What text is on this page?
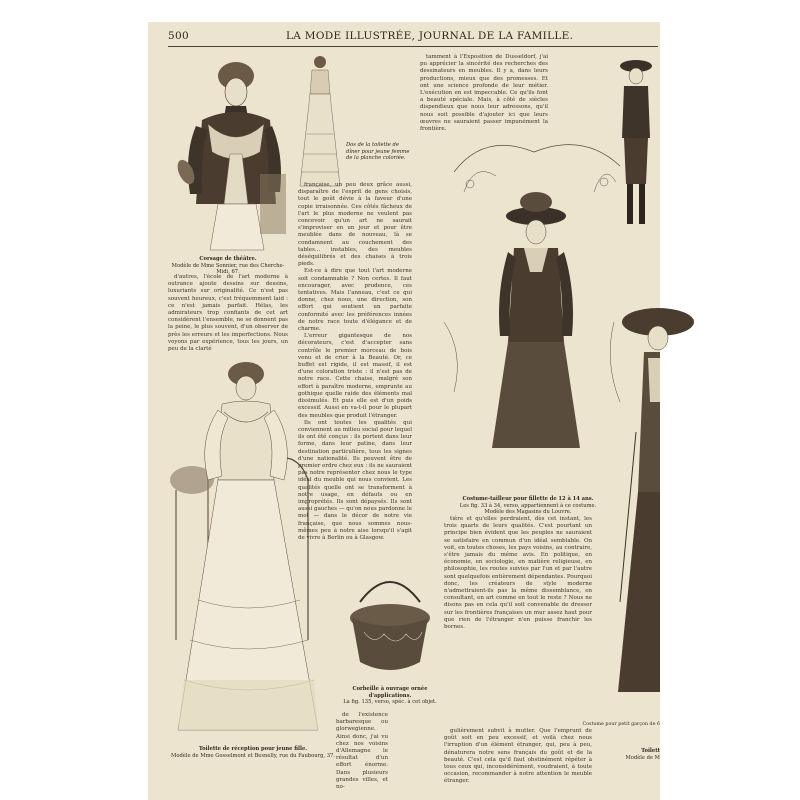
500	LA MODE ILLUSTRÉE, JOURNAL DE LA FAMILLE.
Corsage de théâtre.
Modèle de Mme Sonnier, rue des Cherche-Midi, 67.

d'autres, l'école de l'art moderne à outrance ajoute dessins sur dessins, luxuriants sur originalité. Ce n'est pas souvent heureux, c'est fréquemment laid : ce n'est jamais parfait. Hélas, les admirateurs trop confiants de cet art considèrent l'ensemble, ne se donnent pas la peine, le plus souvent, d'un observer de près les erreurs et les imperfections. Nous voyons par expérience, tous les jours, un peu de la clarté

Dos de la toilette de dîner pour jeune femme de la planche coloriée.

française, un peu deux grâce aussi, disparaître de l'esprit de gens choisis, tout le goût dévie à la faveur d'une copie irraisonnée. Ces côtés fâcheux de l'art le plus moderne ne veulent pas concevoir qu'un art ne saurait s'improviser en un jour et pour être meublée dans de nouveau, là se condamnent au couchement des tables... instables, des meubles déséquilibrés et des chaises à trois pieds.

Est-ce à dire que tout l'art moderne soit condamnable ? Non certes. Il faut encourager, avec prudence, ces tentatives. Mais l'anneau, c'est ce qui donne, chez nous, une direction, son effort qui soutient un parfaite conformité avec les préférences innées de notre race toute d'élégance et de charme.

L'erreur gigantesque de nos décorateurs, c'est d'accepter sans contrôle le premier morceau de bois venu et de crier à la Beauté. Or, ce buffet est rigide, il est massif, il est d'une coloration triste : il n'est pas de notre race. Cette chaise, malgré son effort à paraître moderne, emprunte au gothique quelle raide des éléments mal dissimulés. Et puis elle est d'un poids excessif. Aussi en va-t-il pour le plupart des meubles que produit l'étranger.

Ils ont toutes les qualités qui conviennent au milieu social pour lequel ils ont été conçus : ils portent dans leur forme, dans leur patine, dans leur destination particulière, tous les signes d'une nationalité. Ils peuvent être de premier ordre chez eux : ils ne sauraient pas notre représenter chez nous le type idéal du meuble qui nous convient. Les qualités quelle ont se transforment à notre usage, en défauts ou en improprétés. Ils sont dépaysés. Ils sont aussi gauches — qu'on nous pardonne le mot — dans le décor de notre vie française, que nous sommes nous-mêmes peu à notre aise lorsqu'il s'agit de vivre à Berlin ou à Glasgow.

tamment à l'Exposition de Dusseldorf, j'ai pu apprécier la sincérité des recherches des dessinateurs en meubles. Il y a, dans leurs productions, mieux que des promesses. Et ont une science profonde de leur métier. L'exécution en est impeccable. Ce qu'ils font a beauté spéciale. Mais, à côté de siècles dispendieux que nous leur adressons, qu'il nous soit possible d'ajouter ici que leurs œuvres ne sauraient passer impunément la frontière.

Costume-tailleur pour fillette de 12 à 14 ans.
Les fig. 33 à 34, verso, appartiennent à ce costume.
Modèle des Magasins du Louvre.
Toilett
Modèle de M
Costume pour petit garçon de 6
Toilette de réception pour jeune fille.
Modèle de Mme Gosselmont et Besnelly, rue du Faubourg, 37.
Corbeille à ouvrage ornée d'applications.
La fig. 135, verso, spéc. à cet objet.

de l'existence barbaresque ou glorwegienne. Ainsi donc, j'ai vu chez nos voisins d'Allemagne le résultat d'un effort énorme. Dans plusieurs grandes villes, et no-

tière et qu'elles perdraient, dès cet instant, les trois quarts de leurs qualités. C'est pourtant un principe bien évident que les peuples ne sauraient se satisfaire en commun d'un idéal semblable. On voit, en toutes choses, les pays voisins, au contraire, s'être jamais du même avis. En politique, en économie, en sociologie, en matière religieuse, en philosophie, les routes suivies par l'un et par l'autre sont quelquefois entièrement dépendantes. Pourquoi donc, les créateurs de style moderne n'admettraient-ils pas la même dissemblance, en consultant, en art comme en tout le reste ? Nous ne disons pas en cela qu'il soit convenable de dresser sur les frontières françaises un mur assez haut pour que rien de l'étranger n'en puisse franchir les bornes.

gulièrement subvit à mutter. Que l'emprunt de goût soit en peu excessif, et voilà chez nous l'irruption d'un élément étranger, qui, peu à peu, dénaturera notre sens français du goût et de la beauté. C'est cela qu'il faut obstinément répéter à tous ceux qui, inconsidérément, voudraient, à toute occasion, recommander à notre attention le meuble étranger.
